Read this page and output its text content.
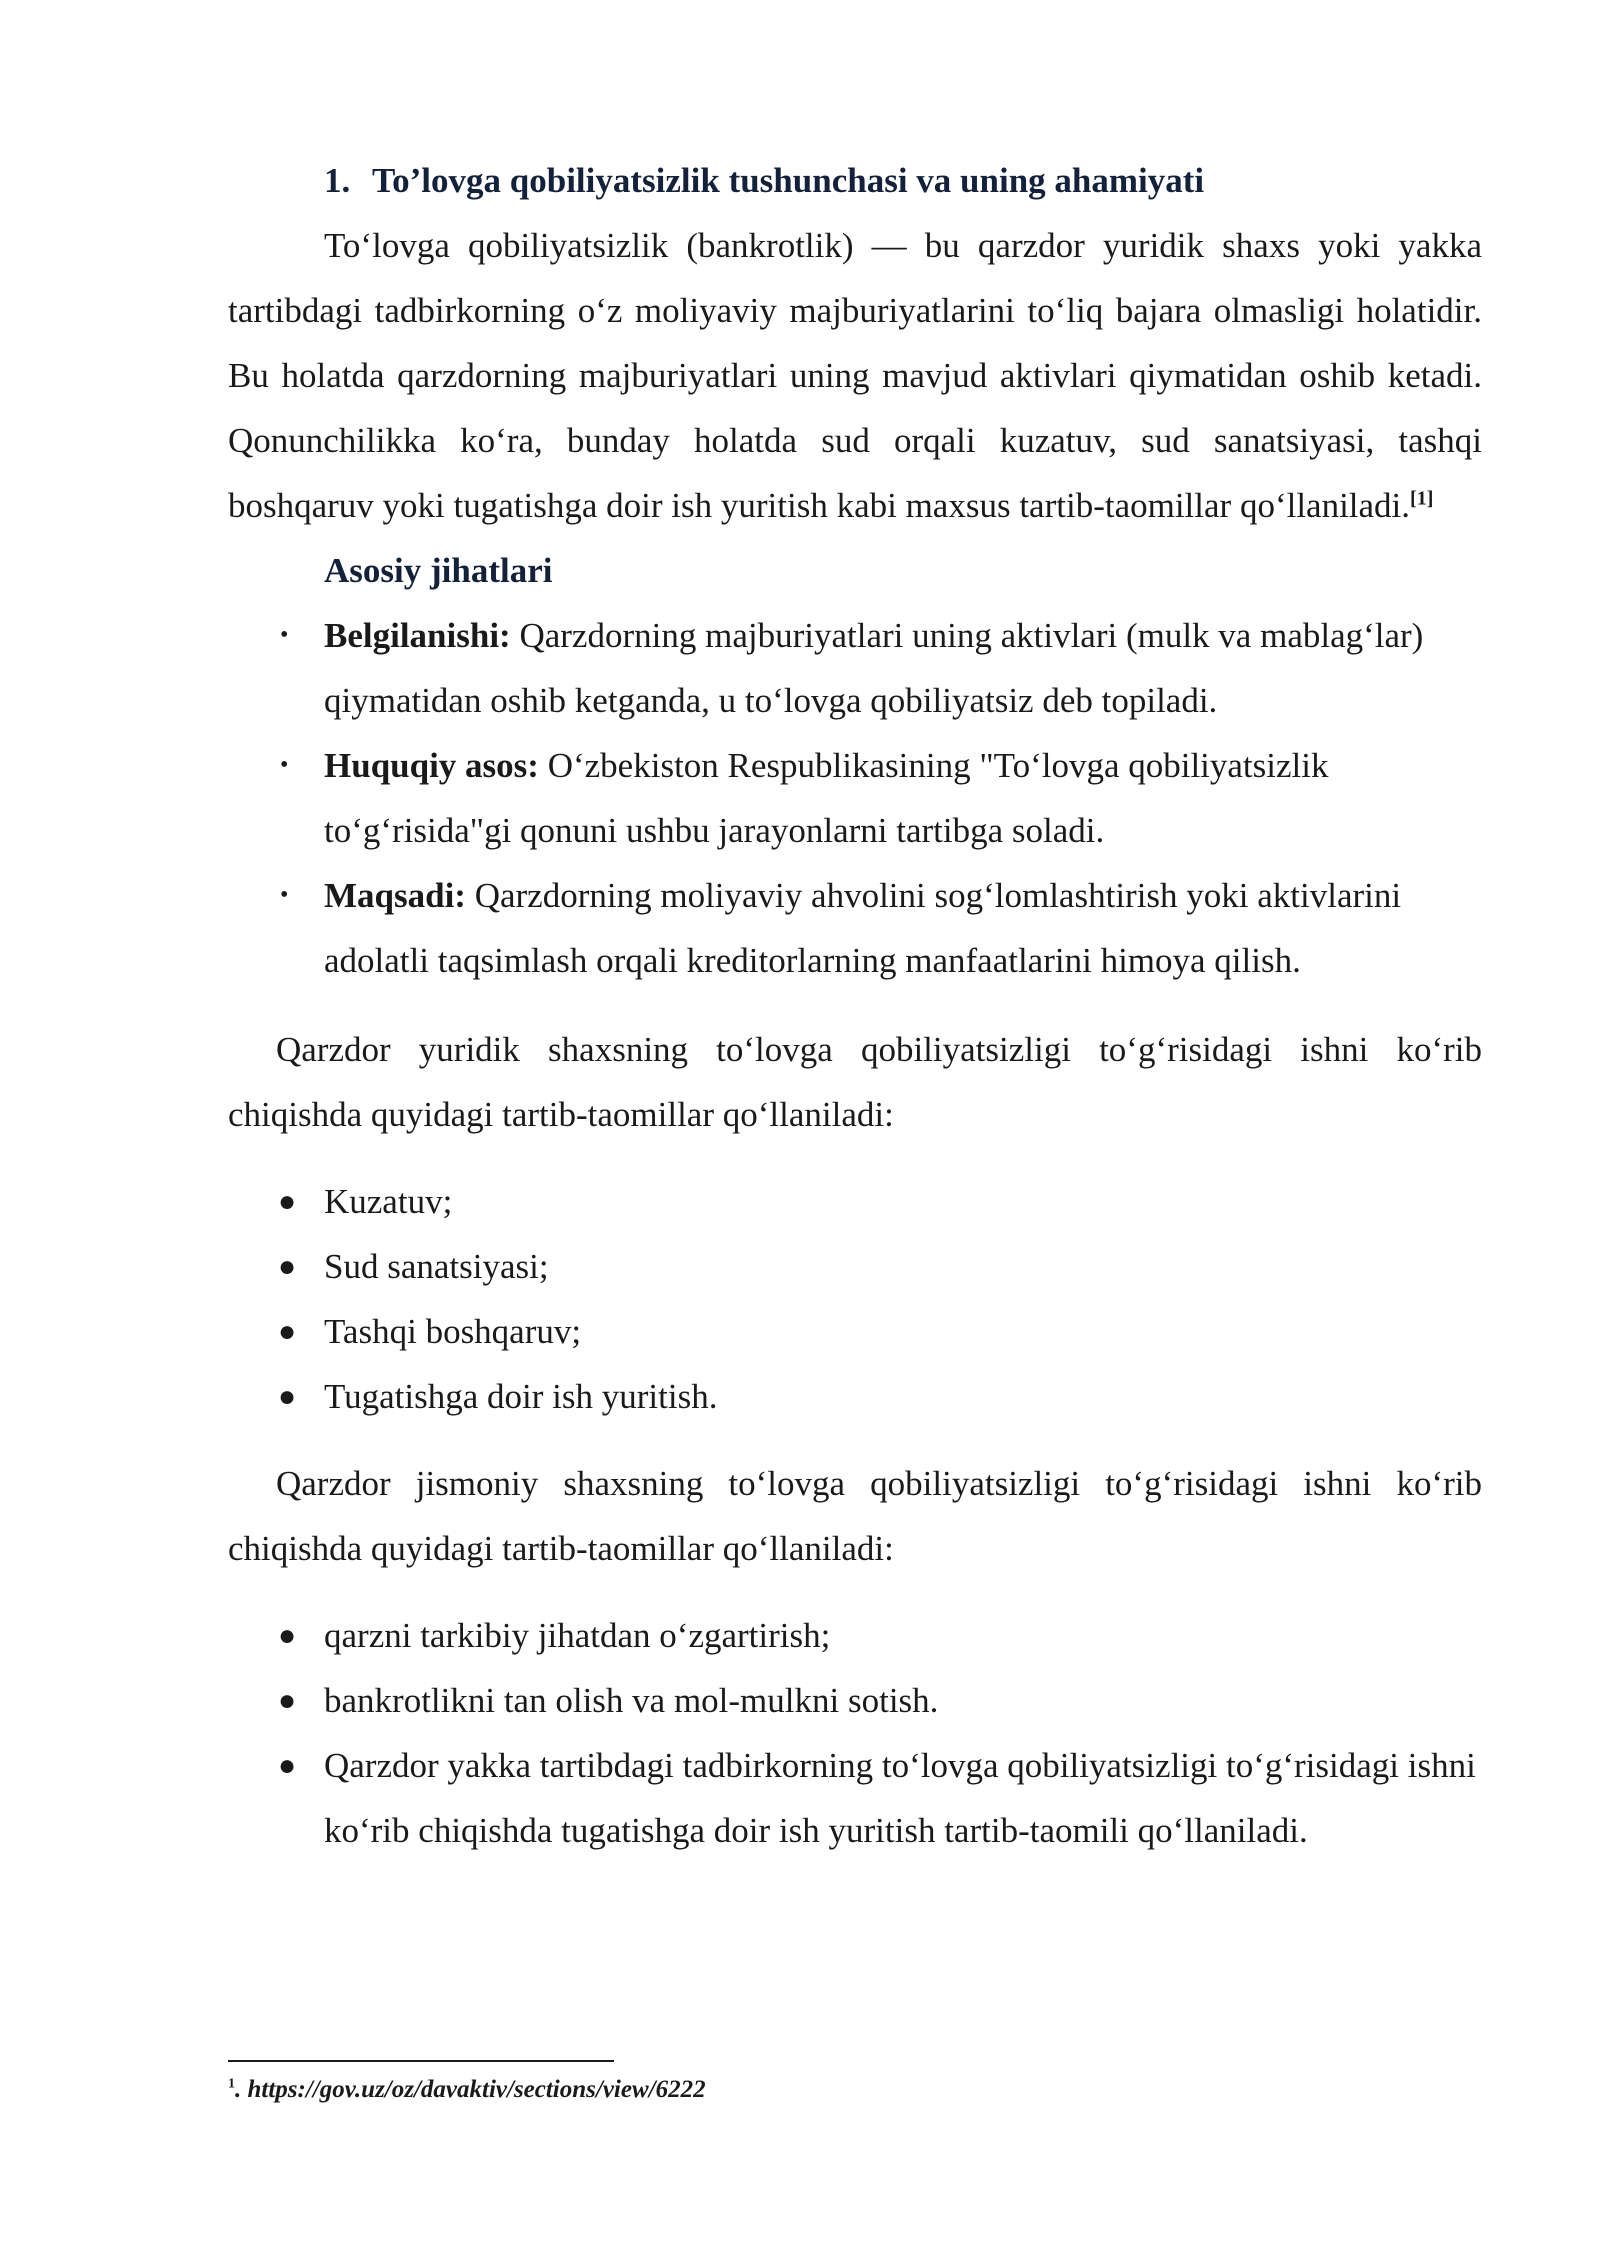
1. To’lovga qobiliyatsizlik tushunchasi va uning ahamiyati

To‘lovga qobiliyatsizlik (bankrotlik) — bu qarzdor yuridik shaxs yoki yakka tartibdagi tadbirkorning o‘z moliyaviy majburiyatlarini to‘liq bajara olmasligi holatidir. Bu holatda qarzdorning majburiyatlari uning mavjud aktivlari qiymatidan oshib ketadi. Qonunchilikka ko‘ra, bunday holatda sud orqali kuzatuv, sud sanatsiyasi, tashqi boshqaruv yoki tugatishga doir ish yuritish kabi maxsus tartib-taomillar qo‘llaniladi.[1]

Asosiy jihatlari

• Belgilanishi: Qarzdorning majburiyatlari uning aktivlari (mulk va mablag‘lar) qiymatidan oshib ketganda, u to‘lovga qobiliyatsiz deb topiladi.
• Huquqiy asos: O‘zbekiston Respublikasining "To‘lovga qobiliyatsizlik to‘g‘risida"gi qonuni ushbu jarayonlarni tartibga soladi.
• Maqsadi: Qarzdorning moliyaviy ahvolini sog‘lomlashtirish yoki aktivlarini adolatli taqsimlash orqali kreditorlarning manfaatlarini himoya qilish.

Qarzdor yuridik shaxsning to‘lovga qobiliyatsizligi to‘g‘risidagi ishni ko‘rib chiqishda quyidagi tartib-taomillar qo‘llaniladi:

● Kuzatuv;
● Sud sanatsiyasi;
● Tashqi boshqaruv;
● Tugatishga doir ish yuritish.

Qarzdor jismoniy shaxsning to‘lovga qobiliyatsizligi to‘g‘risidagi ishni ko‘rib chiqishda quyidagi tartib-taomillar qo‘llaniladi:

● qarzni tarkibiy jihatdan o‘zgartirish;
● bankrotlikni tan olish va mol-mulkni sotish.
● Qarzdor yakka tartibdagi tadbirkorning to‘lovga qobiliyatsizligi to‘g‘risidagi ishni ko‘rib chiqishda tugatishga doir ish yuritish tartib-taomili qo‘llaniladi.
$^1$. https://gov.uz/oz/davaktiv/sections/view/6222
